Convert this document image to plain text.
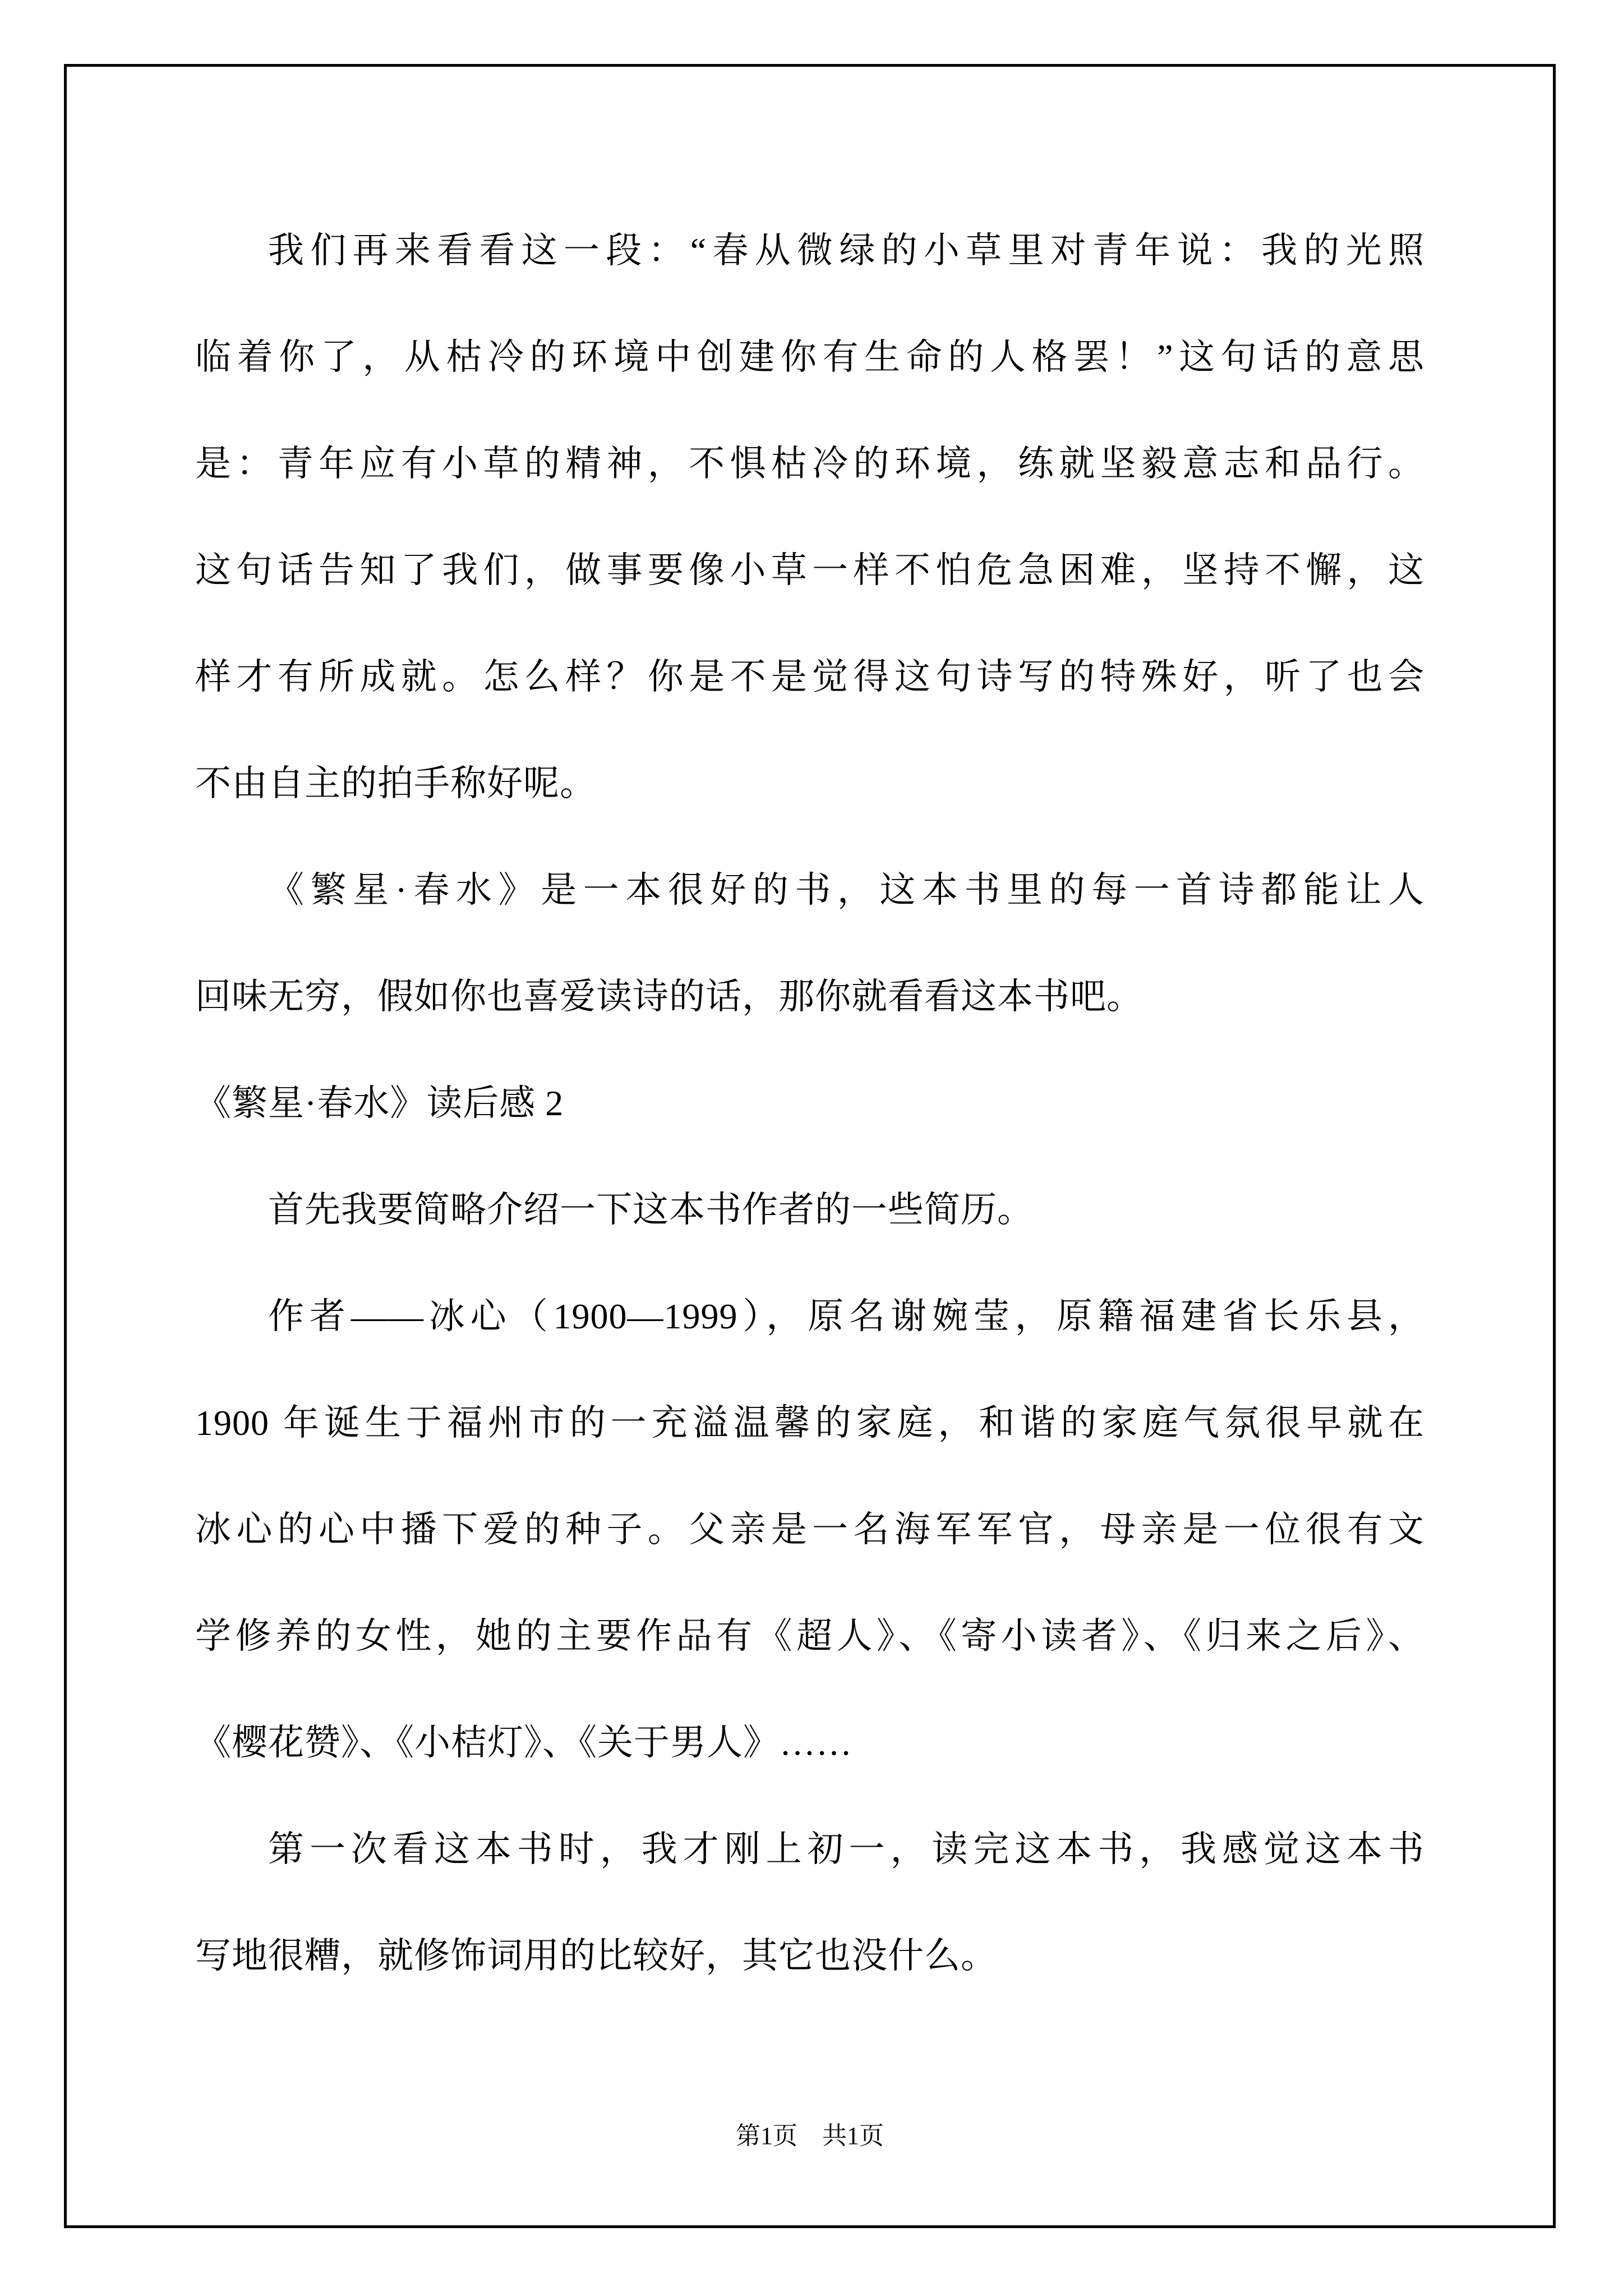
我们再来看看这一段：“春从微绿的小草里对青年说：我的光照
临着你了，从枯冷的环境中创建你有生命的人格罢！”这句话的意思
是：青年应有小草的精神，不惧枯冷的环境，练就坚毅意志和品行。
这句话告知了我们，做事要像小草一样不怕危急困难，坚持不懈，这
样才有所成就。怎么样？你是不是觉得这句诗写的特殊好，听了也会
不由自主的拍手称好呢。
《繁星·春水》是一本很好的书，这本书里的每一首诗都能让人
回味无穷，假如你也喜爱读诗的话，那你就看看这本书吧。
《繁星·春水》读后感 2
首先我要简略介绍一下这本书作者的一些简历。
作者——冰心（1900—1999），原名谢婉莹，原籍福建省长乐县，
1900 年诞生于福州市的一充溢温馨的家庭，和谐的家庭气氛很早就在
冰心的心中播下爱的种子。父亲是一名海军军官，母亲是一位很有文
学修养的女性，她的主要作品有《超人》、《寄小读者》、《归来之后》、
《樱花赞》、《小桔灯》、《关于男人》……
第一次看这本书时，我才刚上初一，读完这本书，我感觉这本书
写地很糟，就修饰词用的比较好，其它也没什么。
第1页　共1页
